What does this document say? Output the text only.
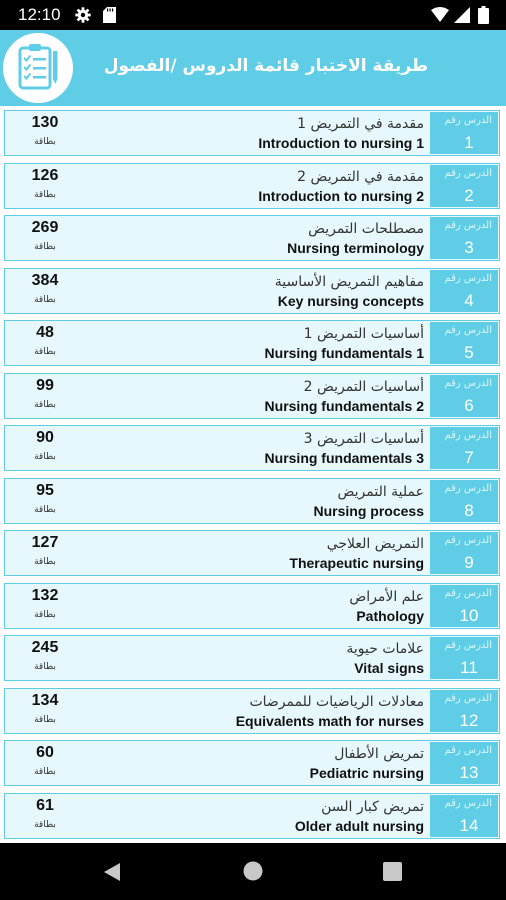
12:10
طريقة الاختبار قائمة الدروس /الفصول
الدرس رقم
1
مقدمة في التمريض 1
Introduction to nursing 1
130
بطاقة
الدرس رقم
2
مقدمة في التمريض 2
Introduction to nursing 2
126
بطاقة
الدرس رقم
3
مصطلحات التمريض
Nursing terminology
269
بطاقة
الدرس رقم
4
مفاهيم التمريض الأساسية
Key nursing concepts
384
بطاقة
الدرس رقم
5
أساسيات التمريض 1
Nursing fundamentals 1
48
بطاقة
الدرس رقم
6
أساسيات التمريض 2
Nursing fundamentals 2
99
بطاقة
الدرس رقم
7
أساسيات التمريض 3
Nursing fundamentals 3
90
بطاقة
الدرس رقم
8
عملية التمريض
Nursing process
95
بطاقة
الدرس رقم
9
التمريض العلاجي
Therapeutic nursing
127
بطاقة
الدرس رقم
10
علم الأمراض
Pathology
132
بطاقة
الدرس رقم
11
علامات حيوية
Vital signs
245
بطاقة
الدرس رقم
12
معادلات الرياضيات للممرضات
Equivalents math for nurses
134
بطاقة
الدرس رقم
13
تمريض الأطفال
Pediatric nursing
60
بطاقة
الدرس رقم
14
تمريض كبار السن
Older adult nursing
61
بطاقة
